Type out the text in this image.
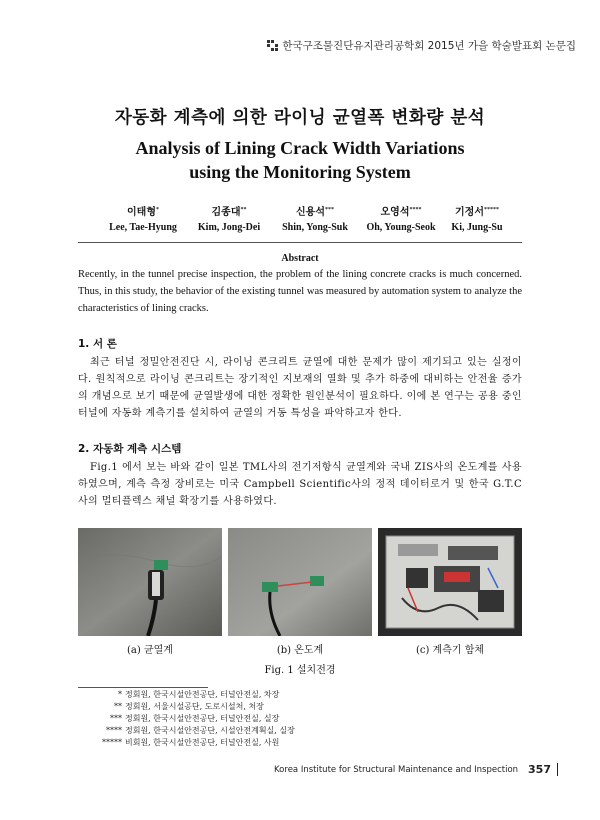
한국구조물진단유지관리공학회 2015년 가을 학술발표회 논문집
자동화 계측에 의한 라이닝 균열폭 변화량 분석
Analysis of Lining Crack Width Variations
using the Monitoring System
이태형*
Lee, Tae-Hyung
김종대**
Kim, Jong-Dei
신용석***
Shin, Yong-Suk
오영석****
Oh, Young-Seok
기정서*****
Ki, Jung-Su
Abstract
Recently, in the tunnel precise inspection, the problem of the lining concrete cracks is much concerned. Thus, in this study, the behavior of the existing tunnel was measured by automation system to analyze the characteristics of lining cracks.
1. 서 론
최근 터널 정밀안전진단 시, 라이닝 콘크리트 균열에 대한 문제가 많이 제기되고 있는 실정이다. 원칙적으로 라이닝 콘크리트는 장기적인 지보재의 열화 및 추가 하중에 대비하는 안전율 증가의 개념으로 보기 때문에 균열발생에 대한 정확한 원인분석이 필요하다. 이에 본 연구는 공용 중인 터널에 자동화 계측기를 설치하여 균열의 거동 특성을 파악하고자 한다.
2. 자동화 계측 시스템
Fig.1 에서 보는 바와 같이 일본 TML사의 전기저항식 균열계와 국내 ZIS사의 온도계를 사용하였으며, 계측 측정 장비로는 미국 Campbell Scientific사의 정적 데이터로거 및 한국 G.T.C사의 멀티플렉스 채널 확장기를 사용하였다.
(a) 균열계	(b) 온도계	(c) 계측기 함체
Fig. 1 설치전경
* 정회원, 한국시설안전공단, 터널안전실, 차장
** 정회원, 서울시설공단, 도로시설처, 처장
*** 정회원, 한국시설안전공단, 터널안전실, 실장
**** 정회원, 한국시설안전공단, 시설안전계획실, 실장
***** 비회원, 한국시설안전공단, 터널안전실, 사원
Korea Institute for Structural Maintenance and Inspection 357
